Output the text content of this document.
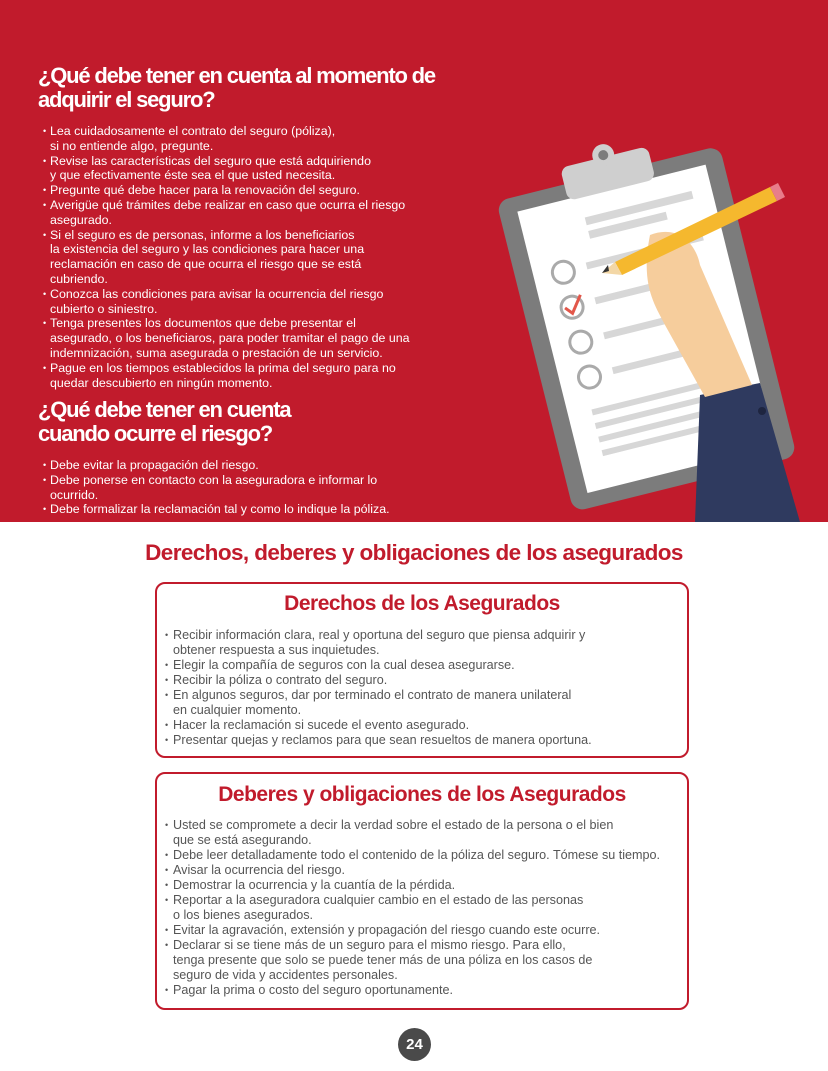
¿Qué debe tener en cuenta al momento de
adquirir el seguro?
• Lea cuidadosamente el contrato del seguro (póliza),
si no entiende algo, pregunte.
• Revise las características del seguro que está adquiriendo
y que efectivamente éste sea el que usted necesita.
• Pregunte qué debe hacer para la renovación del seguro.
• Averigüe qué trámites debe realizar en caso que ocurra el riesgo
asegurado.
• Si el seguro es de personas, informe a los beneficiarios
la existencia del seguro y las condiciones para hacer una
reclamación en caso de que ocurra el riesgo que se está
cubriendo.
• Conozca las condiciones para avisar la ocurrencia del riesgo
cubierto o siniestro.
• Tenga presentes los documentos que debe presentar el
asegurado, o los beneficiaros, para poder tramitar el pago de una
indemnización, suma asegurada o prestación de un servicio.
• Pague en los tiempos establecidos la prima del seguro para no
quedar descubierto en ningún momento.
¿Qué debe tener en cuenta
cuando ocurre el riesgo?
• Debe evitar la propagación del riesgo.
• Debe ponerse en contacto con la aseguradora e informar lo
ocurrido.
• Debe formalizar la reclamación tal y como lo indique la póliza.
Derechos, deberes y obligaciones de los asegurados
Derechos de los Asegurados
• Recibir información clara, real y oportuna del seguro que piensa adquirir y
obtener respuesta a sus inquietudes.
• Elegir la compañía de seguros con la cual desea asegurarse.
• Recibir la póliza o contrato del seguro.
• En algunos seguros, dar por terminado el contrato de manera unilateral
en cualquier momento.
• Hacer la reclamación si sucede el evento asegurado.
• Presentar quejas y reclamos para que sean resueltos de manera oportuna.
Deberes y obligaciones de los Asegurados
• Usted se compromete a decir la verdad sobre el estado de la persona o el bien
que se está asegurando.
• Debe leer detalladamente todo el contenido de la póliza del seguro. Tómese su tiempo.
• Avisar la ocurrencia del riesgo.
• Demostrar la ocurrencia y la cuantía de la pérdida.
• Reportar a la aseguradora cualquier cambio en el estado de las personas
o los bienes asegurados.
• Evitar la agravación, extensión y propagación del riesgo cuando este ocurre.
• Declarar si se tiene más de un seguro para el mismo riesgo. Para ello,
tenga presente que solo se puede tener más de una póliza en los casos de
seguro de vida y accidentes personales.
• Pagar la prima o costo del seguro oportunamente.
24
